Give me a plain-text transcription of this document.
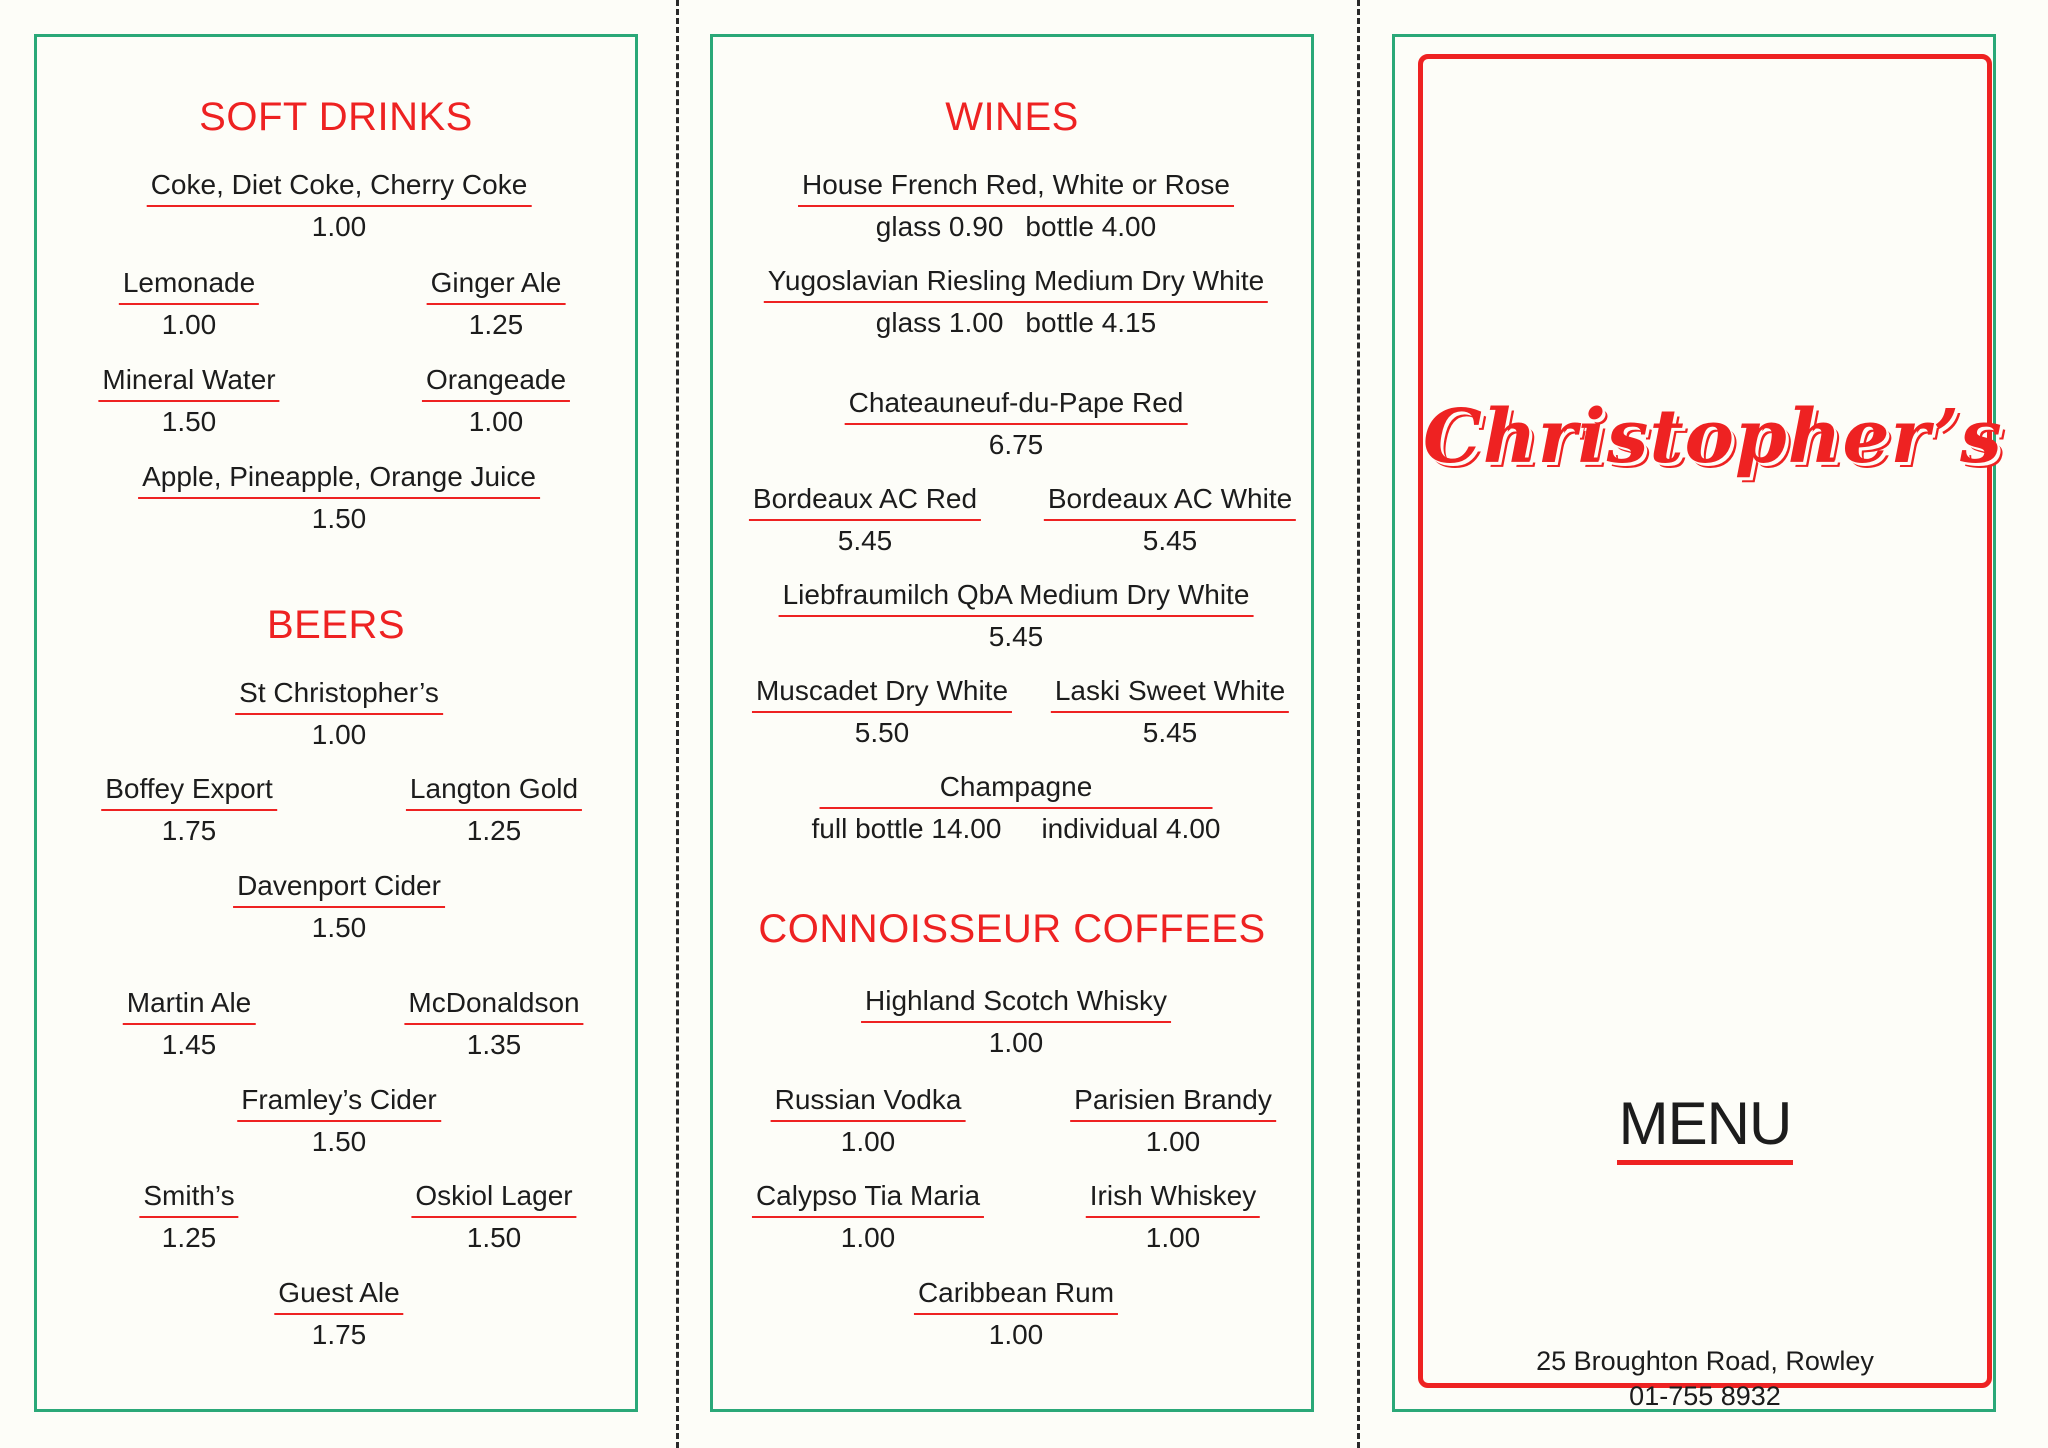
SOFT DRINKS
Coke, Diet Coke, Cherry Coke
1.00
Lemonade
1.00
Ginger Ale
1.25
Mineral Water
1.50
Orangeade
1.00
Apple, Pineapple, Orange Juice
1.50
BEERS
St Christopher’s
1.00
Boffey Export
1.75
Langton Gold
1.25
Davenport Cider
1.50
Martin Ale
1.45
McDonaldson
1.35
Framley’s Cider
1.50
Smith’s
1.25
Oskiol Lager
1.50
Guest Ale
1.75
WINES
House French Red, White or Rose
glass 0.90 bottle 4.00
Yugoslavian Riesling Medium Dry White
glass 1.00 bottle 4.15
Chateauneuf-du-Pape Red
6.75
Bordeaux AC Red
5.45
Bordeaux AC White
5.45
Liebfraumilch QbA Medium Dry White
5.45
Muscadet Dry White
5.50
Laski Sweet White
5.45
Champagne
full bottle 14.00 individual 4.00
CONNOISSEUR COFFEES
Highland Scotch Whisky
1.00
Russian Vodka
1.00
Parisien Brandy
1.00
Calypso Tia Maria
1.00
Irish Whiskey
1.00
Caribbean Rum
1.00
Christopher’s
MENU
25 Broughton Road, Rowley
01-755 8932
